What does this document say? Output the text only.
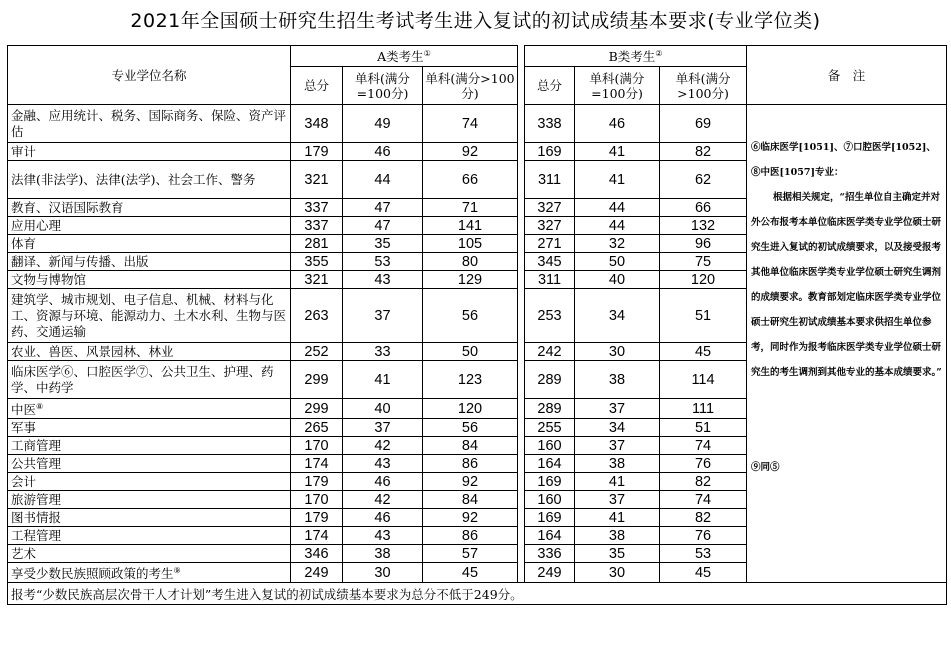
2021年全国硕士研究生招生考试考生进入复试的初试成绩基本要求(专业学位类)
专业学位名称	A类考生①				B类考生②			备　注
	总分	单科(满分=100分)	单科(满分>100分)		总分	单科(满分=100分)	单科(满分>100分)	
金融、应用统计、税务、国际商务、保险、资产评估	348	49	74		338	46	69	⑥临床医学[1051]、⑦口腔医学[1052]、⑧中医[1057]专业：

根据相关规定，“招生单位自主确定并对外公布报考本单位临床医学类专业学位硕士研究生进入复试的初试成绩要求，以及接受报考其他单位临床医学类专业学位硕士研究生调剂的成绩要求。教育部划定临床医学类专业学位硕士研究生初试成绩基本要求供招生单位参考，同时作为报考临床医学类专业学位硕士研究生的考生调剂到其他专业的基本成绩要求。”

⑨同⑤

审计	179	46	92		169	41	82	
法律(非法学)、法律(法学)、社会工作、警务	321	44	66		311	41	62	
教育、汉语国际教育	337	47	71		327	44	66	
应用心理	337	47	141		327	44	132	
体育	281	35	105		271	32	96	
翻译、新闻与传播、出版	355	53	80		345	50	75	
文物与博物馆	321	43	129		311	40	120	
建筑学、城市规划、电子信息、机械、材料与化工、资源与环境、能源动力、土木水利、生物与医药、交通运输	263	37	56		253	34	51	
农业、兽医、风景园林、林业	252	33	50		242	30	45	
临床医学⑥、口腔医学⑦、公共卫生、护理、药学、中药学	299	41	123		289	38	114	
中医⑧	299	40	120		289	37	111	
军事	265	37	56		255	34	51	
工商管理	170	42	84		160	37	74	
公共管理	174	43	86		164	38	76	
会计	179	46	92		169	41	82	
旅游管理	170	42	84		160	37	74	
图书情报	179	46	92		169	41	82	
工程管理	174	43	86		164	38	76	
艺术	346	38	57		336	35	53	
享受少数民族照顾政策的考生⑨	249	30	45		249	30	45	
报考“少数民族高层次骨干人才计划”考生进入复试的初试成绩基本要求为总分不低于249分。								
